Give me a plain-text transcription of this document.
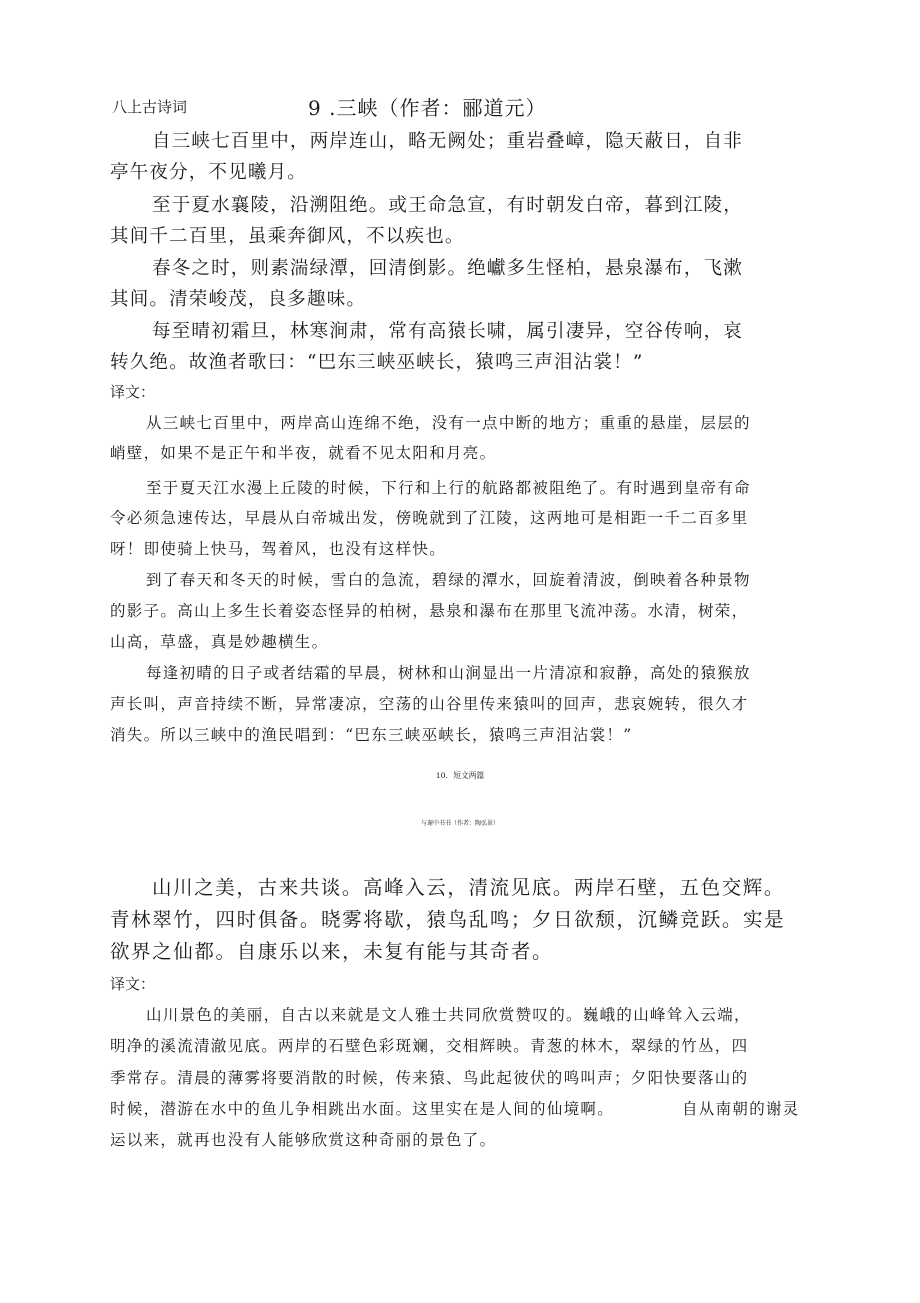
八上古诗词	9 .三峡（作者：郦道元）
自三峡七百里中，两岸连山，略无阙处；重岩叠嶂，隐天蔽日，自非
亭午夜分，不见曦月。
至于夏水襄陵，沿溯阻绝。或王命急宣，有时朝发白帝，暮到江陵，
其间千二百里，虽乘奔御风，不以疾也。
春冬之时，则素湍绿潭，回清倒影。绝巘多生怪柏，悬泉瀑布，飞漱
其间。清荣峻茂，良多趣味。
每至晴初霜旦，林寒涧肃，常有高猿长啸，属引凄异，空谷传响，哀
转久绝。故渔者歌曰：“巴东三峡巫峡长，猿鸣三声泪沾裳！”
译文：
从三峡七百里中，两岸高山连绵不绝，没有一点中断的地方；重重的悬崖，层层的
峭壁，如果不是正午和半夜，就看不见太阳和月亮。
至于夏天江水漫上丘陵的时候，下行和上行的航路都被阻绝了。有时遇到皇帝有命
令必须急速传达，早晨从白帝城出发，傍晚就到了江陵，这两地可是相距一千二百多里
呀！即使骑上快马，驾着风，也没有这样快。
到了春天和冬天的时候，雪白的急流，碧绿的潭水，回旋着清波，倒映着各种景物
的影子。高山上多生长着姿态怪异的柏树，悬泉和瀑布在那里飞流冲荡。水清，树荣，
山高，草盛，真是妙趣横生。
每逢初晴的日子或者结霜的早晨，树林和山涧显出一片清凉和寂静，高处的猿猴放
声长叫，声音持续不断，异常凄凉，空荡的山谷里传来猿叫的回声，悲哀婉转，很久才
消失。所以三峡中的渔民唱到：“巴东三峡巫峡长，猿鸣三声泪沾裳！”
10．短文两篇
与谢中书书（作者：陶弘景）
山川之美，古来共谈。高峰入云，清流见底。两岸石壁，五色交辉。
青林翠竹，四时俱备。晓雾将歇，猿鸟乱鸣；夕日欲颓，沉鳞竞跃。实是
欲界之仙都。自康乐以来，未复有能与其奇者。
译文：
山川景色的美丽，自古以来就是文人雅士共同欣赏赞叹的。巍峨的山峰耸入云端，
明净的溪流清澈见底。两岸的石壁色彩斑斓，交相辉映。青葱的林木，翠绿的竹丛，四
季常存。清晨的薄雾将要消散的时候，传来猿、鸟此起彼伏的鸣叫声；夕阳快要落山的
时候，潜游在水中的鱼儿争相跳出水面。这里实在是人间的仙境啊。	自从南朝的谢灵
运以来，就再也没有人能够欣赏这种奇丽的景色了。
